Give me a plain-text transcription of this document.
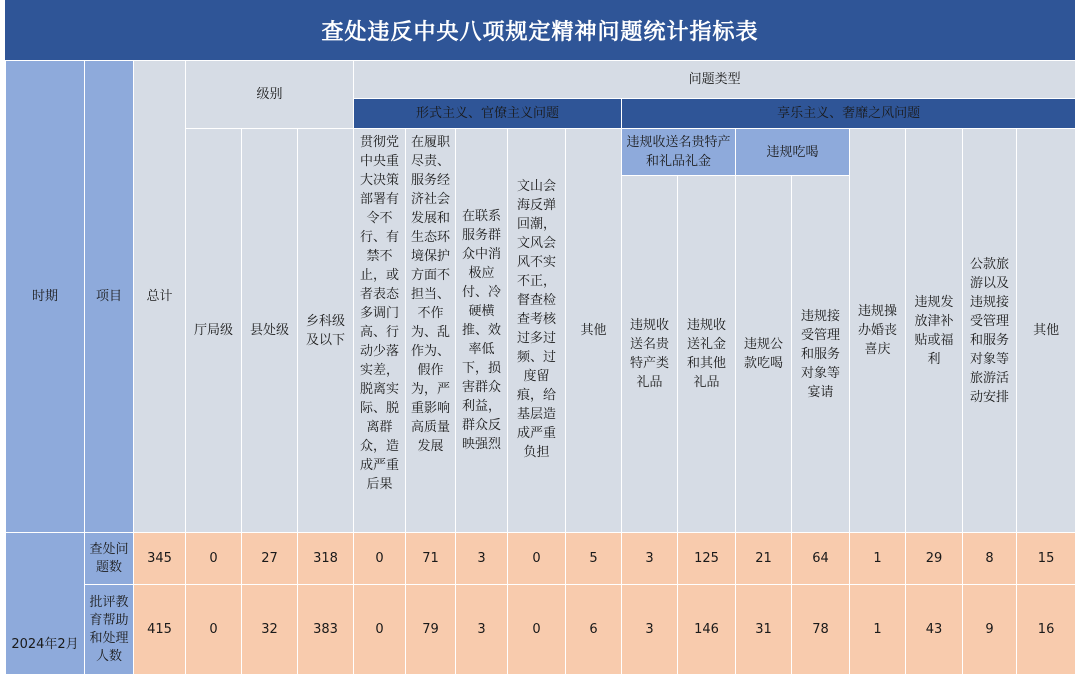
查处违反中央八项规定精神问题统计指标表
时期	项目	总计	级别			问题类型												
						形式主义、官僚主义问题					享乐主义、奢靡之风问题							
			厅局级	县处级	乡科级及以下	贯彻党中央重大决策部署有令不行、有禁不止，或者表态多调门高、行动少落实差，脱离实际、脱离群众，造成严重后果	在履职尽责、服务经济社会发展和生态环境保护方面不担当、不作为、乱作为、假作为，严重影响高质量发展	在联系服务群众中消极应付、冷硬横推、效率低下，损害群众利益，群众反映强烈	文山会海反弹回潮，文风会风不实不正，督查检查考核过多过频、过度留痕，给基层造成严重负担	其他	违规收送名贵特产和礼品礼金		违规吃喝		违规操办婚丧喜庆	违规发放津补贴或福利	公款旅游以及违规接受管理和服务对象等旅游活动安排	其他

											违规收送名贵特产类礼品	违规收送礼金和其他礼品	违规公款吃喝	违规接受管理和服务对象等宴请				
2024年2月	查处问题数	345	0	27	318	0	71	3	0	5	3	125	21	64	1	29	8	15
	批评教育帮助和处理人数	415	0	32	383	0	79	3	0	6	3	146	31	78	1	43	9	16
